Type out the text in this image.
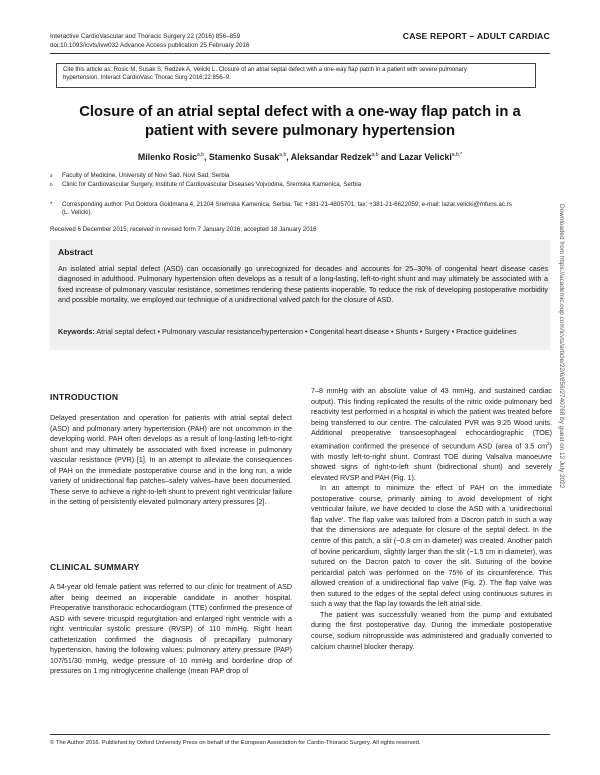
Interactive CardioVascular and Thoracic Surgery 22 (2016) 856–859
doi:10.1093/icvts/ivw032 Advance Access publication 25 February 2016
CASE REPORT – ADULT CARDIAC
Cite this article as: Rosic M, Susak S, Redzek A, Velicki L. Closure of an atrial septal defect with a one-way flap patch in a patient with severe pulmonary
hypertension. Interact CardioVasc Thorac Surg 2016;22:856–9.
Closure of an atrial septal defect with a one-way flap patch in a
patient with severe pulmonary hypertension
Milenko Rosic$^{a,b}$, Stamenko Susak$^{a,b}$, Aleksandar Redzek$^{a,b}$ and Lazar Velicki$^{a,b,*}$
$^a$ Faculty of Medicine, University of Novi Sad, Novi Sad, Serbia
$^b$ Clinic for Cardiovascular Surgery, Institute of Cardiovascular Diseases Vojvodina, Sremska Kamenica, Serbia
* Corresponding author. Put Doktora Goldmana 4, 21204 Sremska Kamenica, Serbia. Tel: +381-21-4805701; fax: +381-21-6622059; e-mail: lazar.velicki@mfuns.ac.rs
(L. Velicki).
Received 6 December 2015; received in revised form 7 January 2016; accepted 18 January 2016
Abstract
An isolated atrial septal defect (ASD) can occasionally go unrecognized for decades and accounts for 25–30% of congenital heart disease cases diagnosed in adulthood. Pulmonary hypertension often develops as a result of a long-lasting, left-to-right shunt and may ultimately be associated with a fixed increase of pulmonary vascular resistance, sometimes rendering these patients inoperable. To reduce the risk of developing postoperative morbidity and possible mortality, we employed our technique of a unidirectional valved patch for the closure of ASD.
Keywords: Atrial septal defect • Pulmonary vascular resistance/hypertension • Congenital heart disease • Shunts • Surgery • Practice guidelines
INTRODUCTION

Delayed presentation and operation for patients with atrial septal defect (ASD) and pulmonary artery hypertension (PAH) are not uncommon in the developing world. PAH often develops as a result of long-lasting left-to-right shunt and may ultimately be associated with fixed increase in pulmonary vascular resistance (PVR) [1]. In an attempt to alleviate the consequences of PAH on the immediate postoperative course and in the long run, a wide variety of unidirectional flap patches–safety valves–have been documented. These serve to achieve a right-to-left shunt to prevent right ventricular failure in the setting of persistently elevated pulmonary artery pressures [2].

CLINICAL SUMMARY

A 54-year old female patient was referred to our clinic for treatment of ASD after being deemed an inoperable candidate in another hospital. Preoperative transthoracic echocardiogram (TTE) confirmed the presence of ASD with severe tricuspid regurgitation and enlarged right ventricle with a right ventricular systolic pressure (RVSP) of 110 mmHg. Right heart catheterization confirmed the diagnosis of precapillary pulmonary hypertension, having the following values: pulmonary artery pressure (PAP) 107/51/30 mmHg, wedge pressure of 10 mmHg and borderline drop of pressures on 1 mg nitroglycerine challenge (mean PAP drop of

7–8 mmHg with an absolute value of 43 mmHg, and sustained cardiac output). This finding replicated the results of the nitric oxide pulmonary bed reactivity test performed in a hospital in which the patient was treated before being transferred to our centre. The calculated PVR was 9.25 Wood units. Additional preoperative transoesophageal echocardiographic (TOE) examination confirmed the presence of secundum ASD (area of 3.5 $cm^2$) with mostly left-to-right shunt. Contrast TOE during Valsalva manoeuvre showed signs of right-to-left shunt (bidirectional shunt) and severely elevated RVSP and PAH (Fig. 1).

In an attempt to minimize the effect of PAH on the immediate postoperative course, primarily aiming to avoid development of right ventricular failure, we have decided to close the ASD with a ‘unidirectional flap valve’. The flap valve was tailored from a Dacron patch in such a way that the dimensions are adequate for closure of the septal defect. In the centre of this patch, a slit (~0.8 cm in diameter) was created. Another patch of bovine pericardium, slightly larger than the slit (~1.5 cm in diameter), was sutured on the Dacron patch to cover the slit. Suturing of the bovine pericardial patch was performed on the 75% of its circumference. This allowed creation of a unidirectional flap valve (Fig. 2). The flap valve was then sutured to the edges of the septal defect using continuous sutures in such a way that the flap lay towards the left atrial side.

The patient was successfully weaned from the pump and extubated during the first postoperative day. During the immediate postoperative course, sodium nitroprusside was administered and gradually converted to calcium channel blocker therapy.

© The Author 2016. Published by Oxford University Press on behalf of the European Association for Cardio-Thoracic Surgery. All rights reserved.
Downloaded from https://academic.oup.com/icvts/article/22/6/856/2740768 by guest on 12 July 2022
